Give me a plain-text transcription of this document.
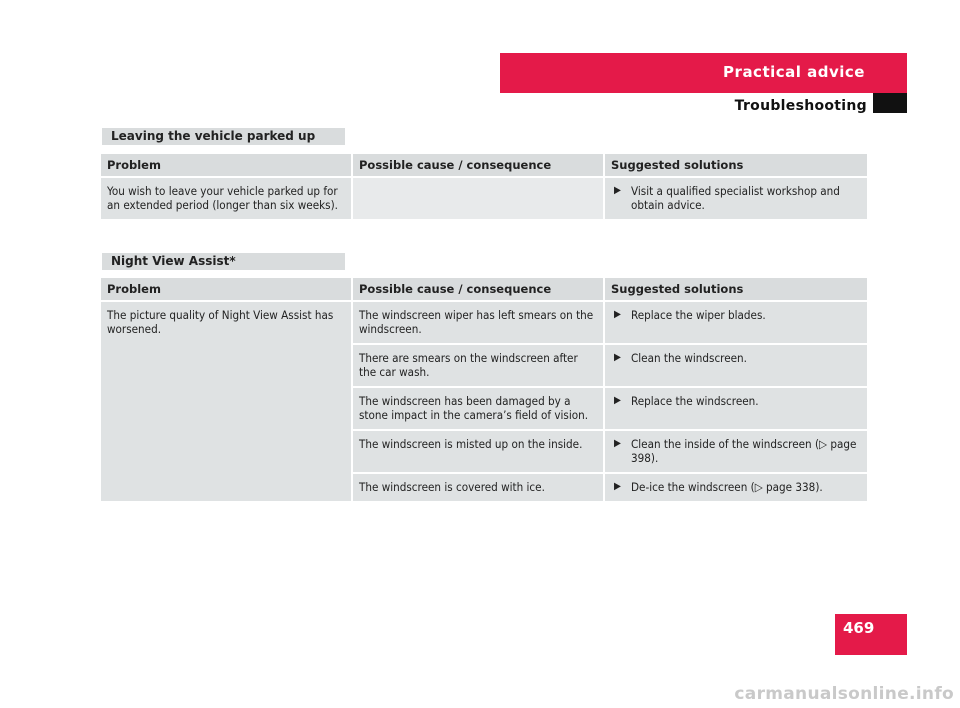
Practical advice
Troubleshooting
Leaving the vehicle parked up
Problem	Possible cause / consequence	Suggested solutions
You wish to leave your vehicle parked up for an extended period (longer than six weeks).		▶ Visit a qualified specialist workshop and obtain advice.
Night View Assist*
Problem	Possible cause / consequence	Suggested solutions
The picture quality of Night View Assist has worsened.	The windscreen wiper has left smears on the windscreen.	▶ Replace the wiper blades.

	There are smears on the windscreen after the car wash.	▶ Clean the windscreen.

	The windscreen has been damaged by a stone impact in the camera’s field of vision.	▶ Replace the windscreen.

	The windscreen is misted up on the inside.	▶ Clean the inside of the windscreen (▷ page 398).

	The windscreen is covered with ice.	▶ De-ice the windscreen (▷ page 338).
469
carmanualsonline.info
